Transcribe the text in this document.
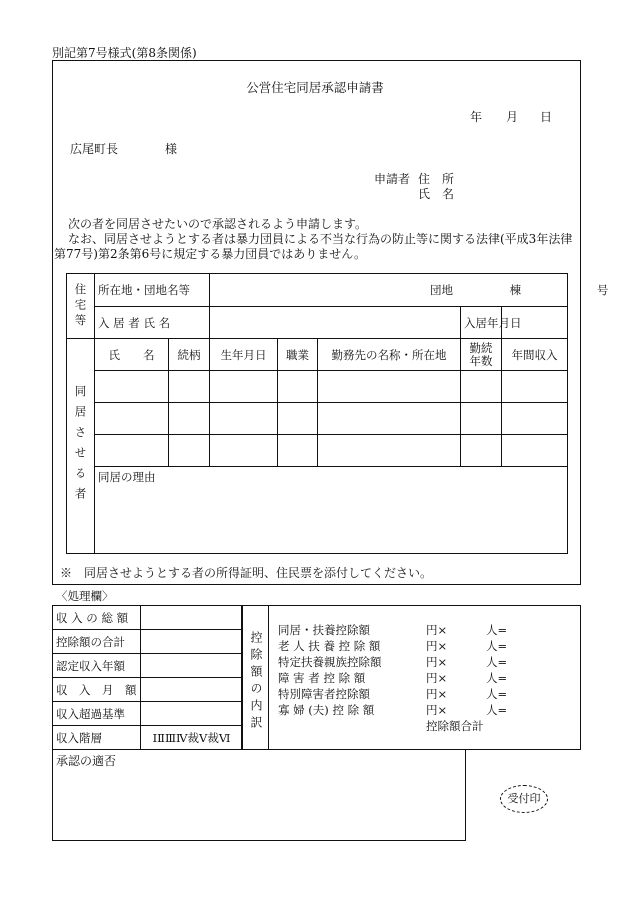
別記第7号様式(第8条関係)
公営住宅同居承認申請書
年 月 日
広尾町長	様
申請者 住　所
氏　名
次の者を同居させたいので承認されるよう申請します。
なお、同居させようとする者は暴力団員による不当な行為の防止等に関する法律(平成3年法律第77号)第2条第6号に規定する暴力団員ではありません。
住宅等	所在地・団地名等		団地 棟 号				
	入 居 者 氏 名					入居年月日	
同居させる者	氏　　名	続柄	生年月日	職業	勤務先の名称・所在地	勤続年数	年間収入

	同居の理由						
※　同居させようとする者の所得証明、住民票を添付してください。
〈処理欄〉
収 入 の 総 額	
控除額の合計	
認定収入年額	
収　入　月　額	
収入超過基準	
収入階層	ⅠⅡⅢⅣ裁Ⅴ裁Ⅵ
控除額の内訳
同居・扶養控除額	円×	人=
老 人 扶 養 控 除 額	円×	人=
特定扶養親族控除額	円×	人=
障 害 者 控 除 額	円×	人=
特別障害者控除額	円×	人=
寡 婦 (夫) 控 除 額	円×	人=
控除額合計
承認の適否
受付印
